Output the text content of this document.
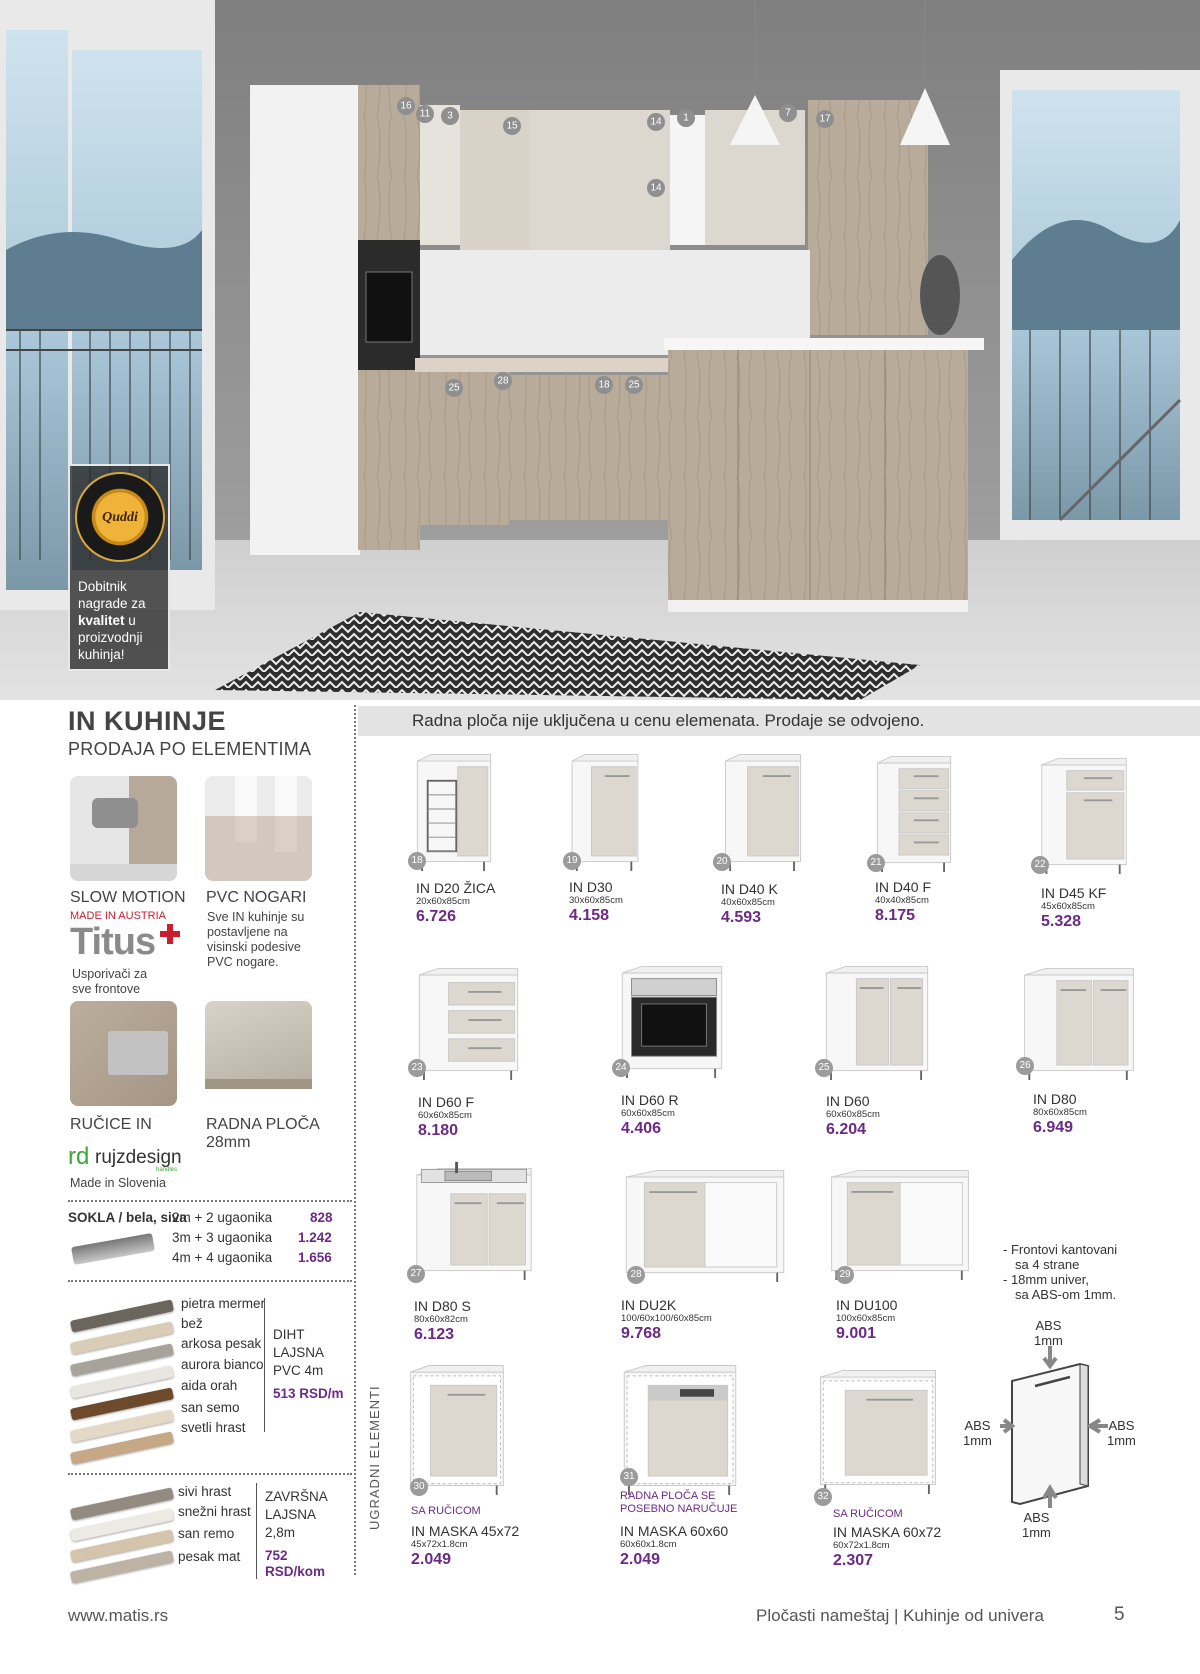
16
11 3
15	14 1	7
17
14
25
28	18 25
Quddi
Dobitnik
nagrade za
kvalitet u
proizvodnji
kuhinja!
IN KUHINJE
PRODAJA PO ELEMENTIMA
SLOW MOTION
MADE IN AUSTRIA
Titus
Usporivači za sve frontove
PVC NOGARI
Sve IN kuhinje su postavljene na visinski podesive PVC nogare.
RUČICE IN
rd rujzdesign
handles
Made in Slovenia
RADNA PLOČA
28mm
SOKLA / bela, siva
2m + 2 ugaonika	828
3m + 3 ugaonika 1.242
4m + 4 ugaonika 1.656
pietra mermer
bež
arkosa pesak
aurora bianco
aida orah
san semo
svetli hrast
DIHT
LAJSNA
PVC 4m
513 RSD/m
sivi hrast
snežni hrast
san remo
pesak mat
ZAVRŠNA
LAJSNA
2,8m
752
RSD/kom
Radna ploča nije uključena u cenu elemenata. Prodaje se odvojeno.
18
IN D20 ŽICA
20x60x85cm
6.726
19
IN D30
30x60x85cm
4.158
20
IN D40 K
40x60x85cm
4.593
21
IN D40 F
40x40x85cm
8.175
22
IN D45 KF
45x60x85cm
5.328
23
IN D60 F
60x60x85cm
8.180
24
IN D60 R
60x60x85cm
4.406
25
IN D60
60x60x85cm
6.204
26
IN D80
80x60x85cm
6.949
27
IN D80 S
80x60x82cm
6.123
28
IN DU2K
100/60x100/60x85cm
9.768
29
IN DU100
100x60x85cm
9.001
30
SA RUČICOM
IN MASKA 45x72
45x72x1.8cm
2.049
31
RADNA PLOČA SE
POSEBNO NARUČUJE
IN MASKA 60x60
60x60x1.8cm
2.049
32
SA RUČICOM
IN MASKA 60x72
60x72x1.8cm
2.307
UGRADNI ELEMENTI
- Frontovi kantovani
sa 4 strane
- 18mm univer,
sa ABS-om 1mm.
ABS
1mm
ABS
1mm
ABS
1mm
ABS
1mm
www.matis.rs	Pločasti nameštaj | Kuhinje od univera	5
